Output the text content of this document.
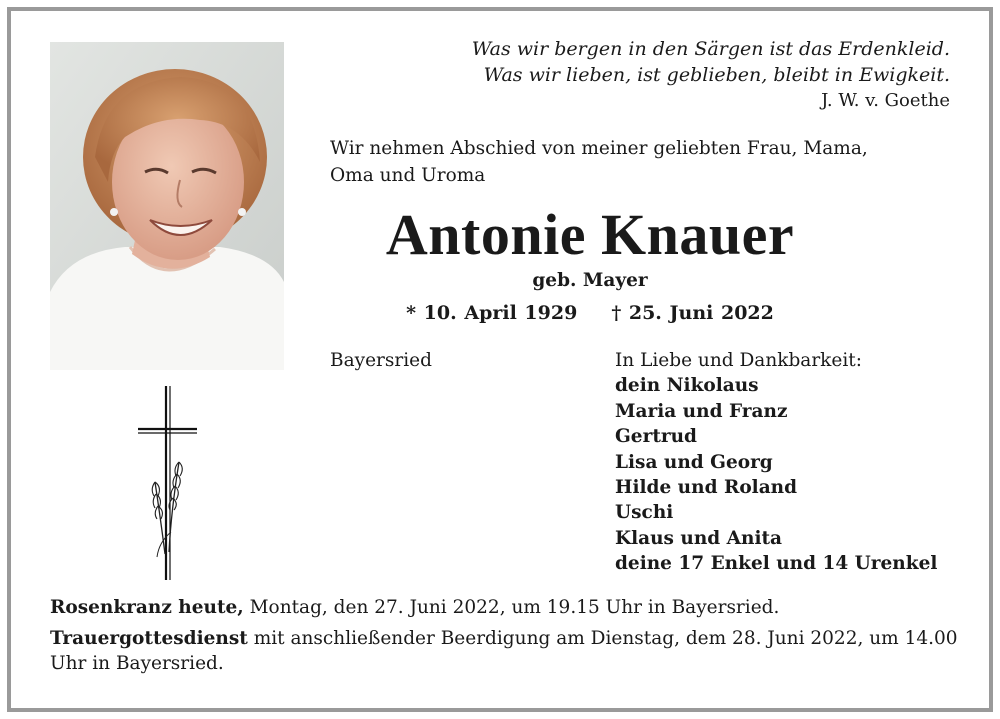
Was wir bergen in den Särgen ist das Erdenkleid.
Was wir lieben, ist geblieben, bleibt in Ewigkeit.
J. W. v. Goethe
Wir nehmen Abschied von meiner geliebten Frau, Mama,
Oma und Uroma
Antonie Knauer
geb. Mayer
* 10. April 1929 † 25. Juni 2022
Bayersried	In Liebe und Dankbarkeit:
dein Nikolaus
Maria und Franz
Gertrud
Lisa und Georg
Hilde und Roland
Uschi
Klaus und Anita
deine 17 Enkel und 14 Urenkel

Rosenkranz heute, Montag, den 27. Juni 2022, um 19.15 Uhr in Bayersried.

Trauergottesdienst mit anschließender Beerdigung am Dienstag, dem 28. Juni 2022, um 14.00 Uhr in Bayersried.
